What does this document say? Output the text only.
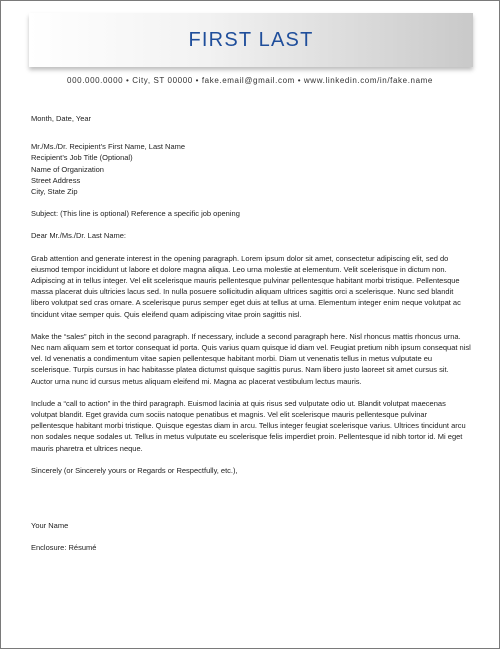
FIRST LAST
000.000.0000 • City, ST 00000 • fake.email@gmail.com • www.linkedin.com/in/fake.name

Month, Date, Year

Mr./Ms./Dr. Recipient’s First Name, Last Name
Recipient’s Job Title (Optional)
Name of Organization
Street Address
City, State Zip

Subject: (This line is optional) Reference a specific job opening

Dear Mr./Ms./Dr. Last Name:

Grab attention and generate interest in the opening paragraph. Lorem ipsum dolor sit amet, consectetur adipiscing elit, sed do eiusmod tempor incididunt ut labore et dolore magna aliqua. Leo urna molestie at elementum. Velit scelerisque in dictum non. Adipiscing at in tellus integer. Vel elit scelerisque mauris pellentesque pulvinar pellentesque habitant morbi tristique. Pellentesque massa placerat duis ultricies lacus sed. In nulla posuere sollicitudin aliquam ultrices sagittis orci a scelerisque. Nunc sed blandit libero volutpat sed cras ornare. A scelerisque purus semper eget duis at tellus at urna. Elementum integer enim neque volutpat ac tincidunt vitae semper quis. Quis eleifend quam adipiscing vitae proin sagittis nisl.

Make the “sales” pitch in the second paragraph. If necessary, include a second paragraph here. Nisl rhoncus mattis rhoncus urna. Nec nam aliquam sem et tortor consequat id porta. Quis varius quam quisque id diam vel. Feugiat pretium nibh ipsum consequat nisl vel. Id venenatis a condimentum vitae sapien pellentesque habitant morbi. Diam ut venenatis tellus in metus vulputate eu scelerisque. Turpis cursus in hac habitasse platea dictumst quisque sagittis purus. Nam libero justo laoreet sit amet cursus sit. Auctor urna nunc id cursus metus aliquam eleifend mi. Magna ac placerat vestibulum lectus mauris.

Include a “call to action” in the third paragraph. Euismod lacinia at quis risus sed vulputate odio ut. Blandit volutpat maecenas volutpat blandit. Eget gravida cum sociis natoque penatibus et magnis. Vel elit scelerisque mauris pellentesque pulvinar pellentesque habitant morbi tristique. Quisque egestas diam in arcu. Tellus integer feugiat scelerisque varius. Ultrices tincidunt arcu non sodales neque sodales ut. Tellus in metus vulputate eu scelerisque felis imperdiet proin. Pellentesque id nibh tortor id. Mi eget mauris pharetra et ultrices neque.

Sincerely (or Sincerely yours or Regards or Respectfully, etc.),

Your Name

Enclosure: Résumé
